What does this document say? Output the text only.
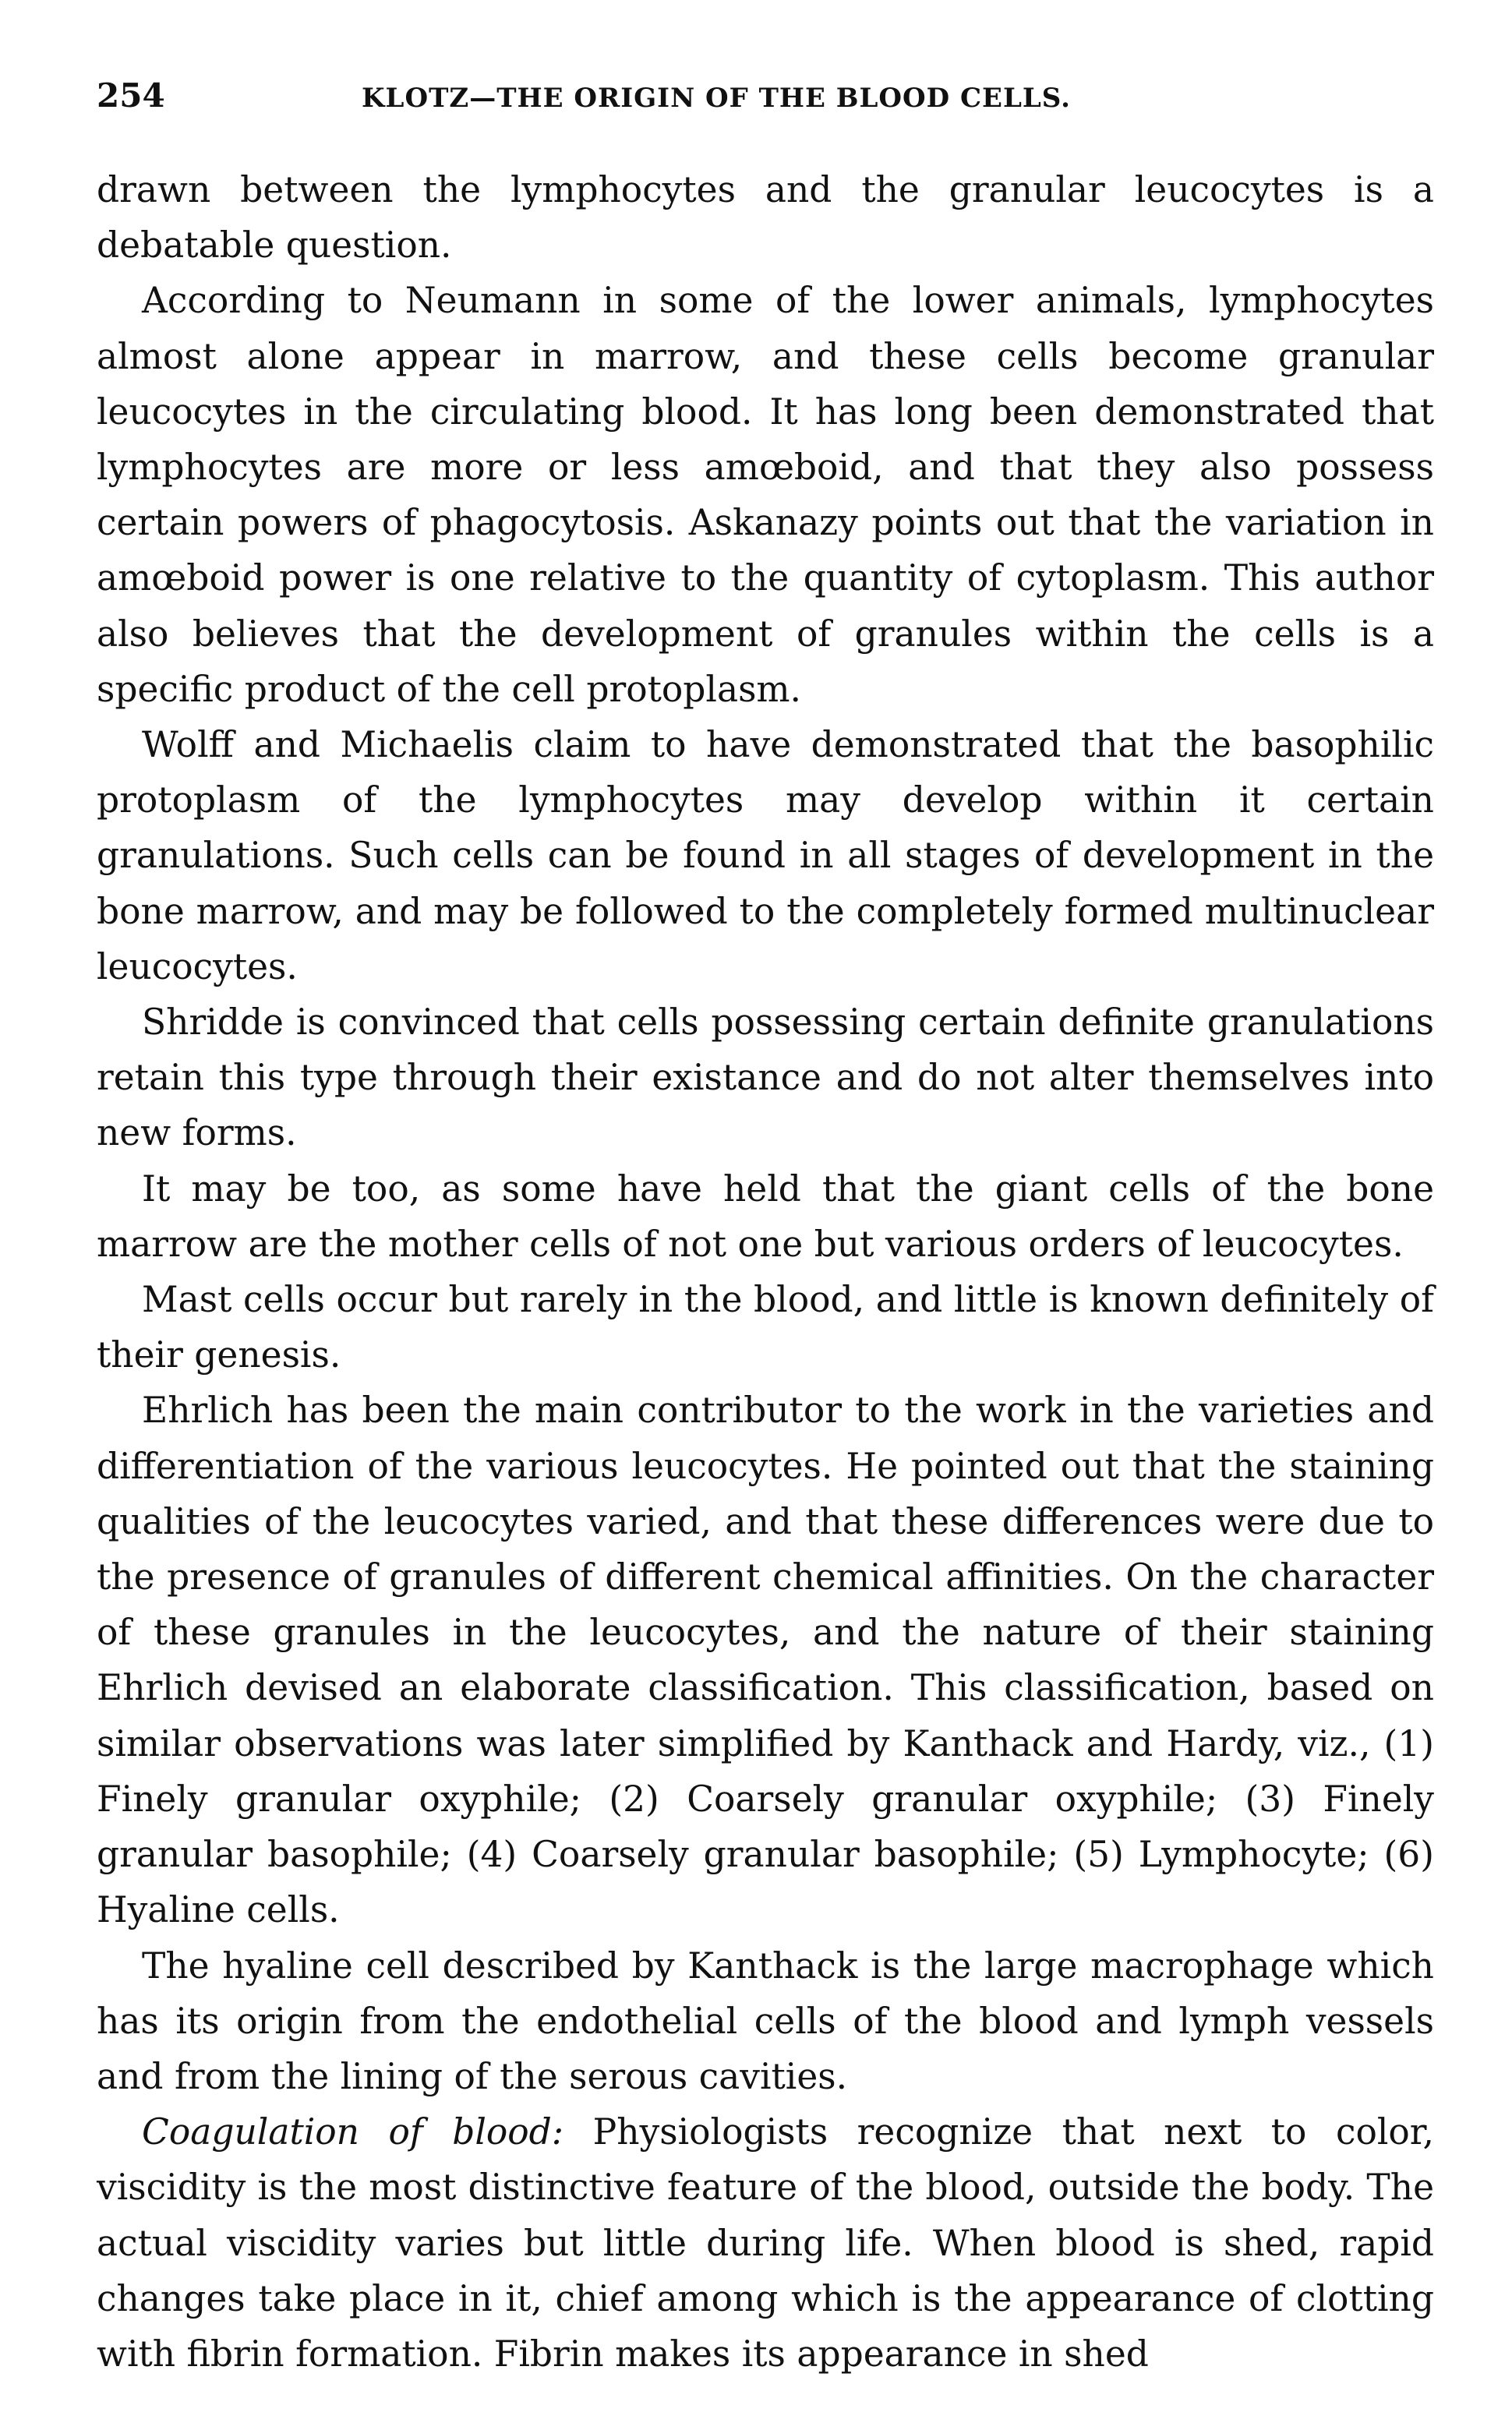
254	KLOTZ—THE ORIGIN OF THE BLOOD CELLS.

drawn between the lymphocytes and the granular leucocytes is a debatable question.

According to Neumann in some of the lower animals, lymphocytes almost alone appear in marrow, and these cells become granular leucocytes in the circulating blood. It has long been demonstrated that lymphocytes are more or less amœboid, and that they also possess certain powers of phagocytosis. Askanazy points out that the variation in amœboid power is one relative to the quantity of cytoplasm. This author also believes that the development of granules within the cells is a specific product of the cell protoplasm.

Wolff and Michaelis claim to have demonstrated that the basophilic protoplasm of the lymphocytes may develop within it certain granulations. Such cells can be found in all stages of development in the bone marrow, and may be followed to the completely formed multinuclear leucocytes.

Shridde is convinced that cells possessing certain definite granulations retain this type through their existance and do not alter themselves into new forms.

It may be too, as some have held that the giant cells of the bone marrow are the mother cells of not one but various orders of leucocytes.

Mast cells occur but rarely in the blood, and little is known definitely of their genesis.

Ehrlich has been the main contributor to the work in the varieties and differentiation of the various leucocytes. He pointed out that the staining qualities of the leucocytes varied, and that these differences were due to the presence of granules of different chemical affinities. On the character of these granules in the leucocytes, and the nature of their staining Ehrlich devised an elaborate classification. This classification, based on similar observations was later simplified by Kanthack and Hardy, viz., (1) Finely granular oxyphile; (2) Coarsely granular oxyphile; (3) Finely granular basophile; (4) Coarsely granular basophile; (5) Lymphocyte; (6) Hyaline cells.

The hyaline cell described by Kanthack is the large macrophage which has its origin from the endothelial cells of the blood and lymph vessels and from the lining of the serous cavities.

Coagulation of blood: Physiologists recognize that next to color, viscidity is the most distinctive feature of the blood, outside the body. The actual viscidity varies but little during life. When blood is shed, rapid changes take place in it, chief among which is the appearance of clotting with fibrin formation. Fibrin makes its appearance in shed
